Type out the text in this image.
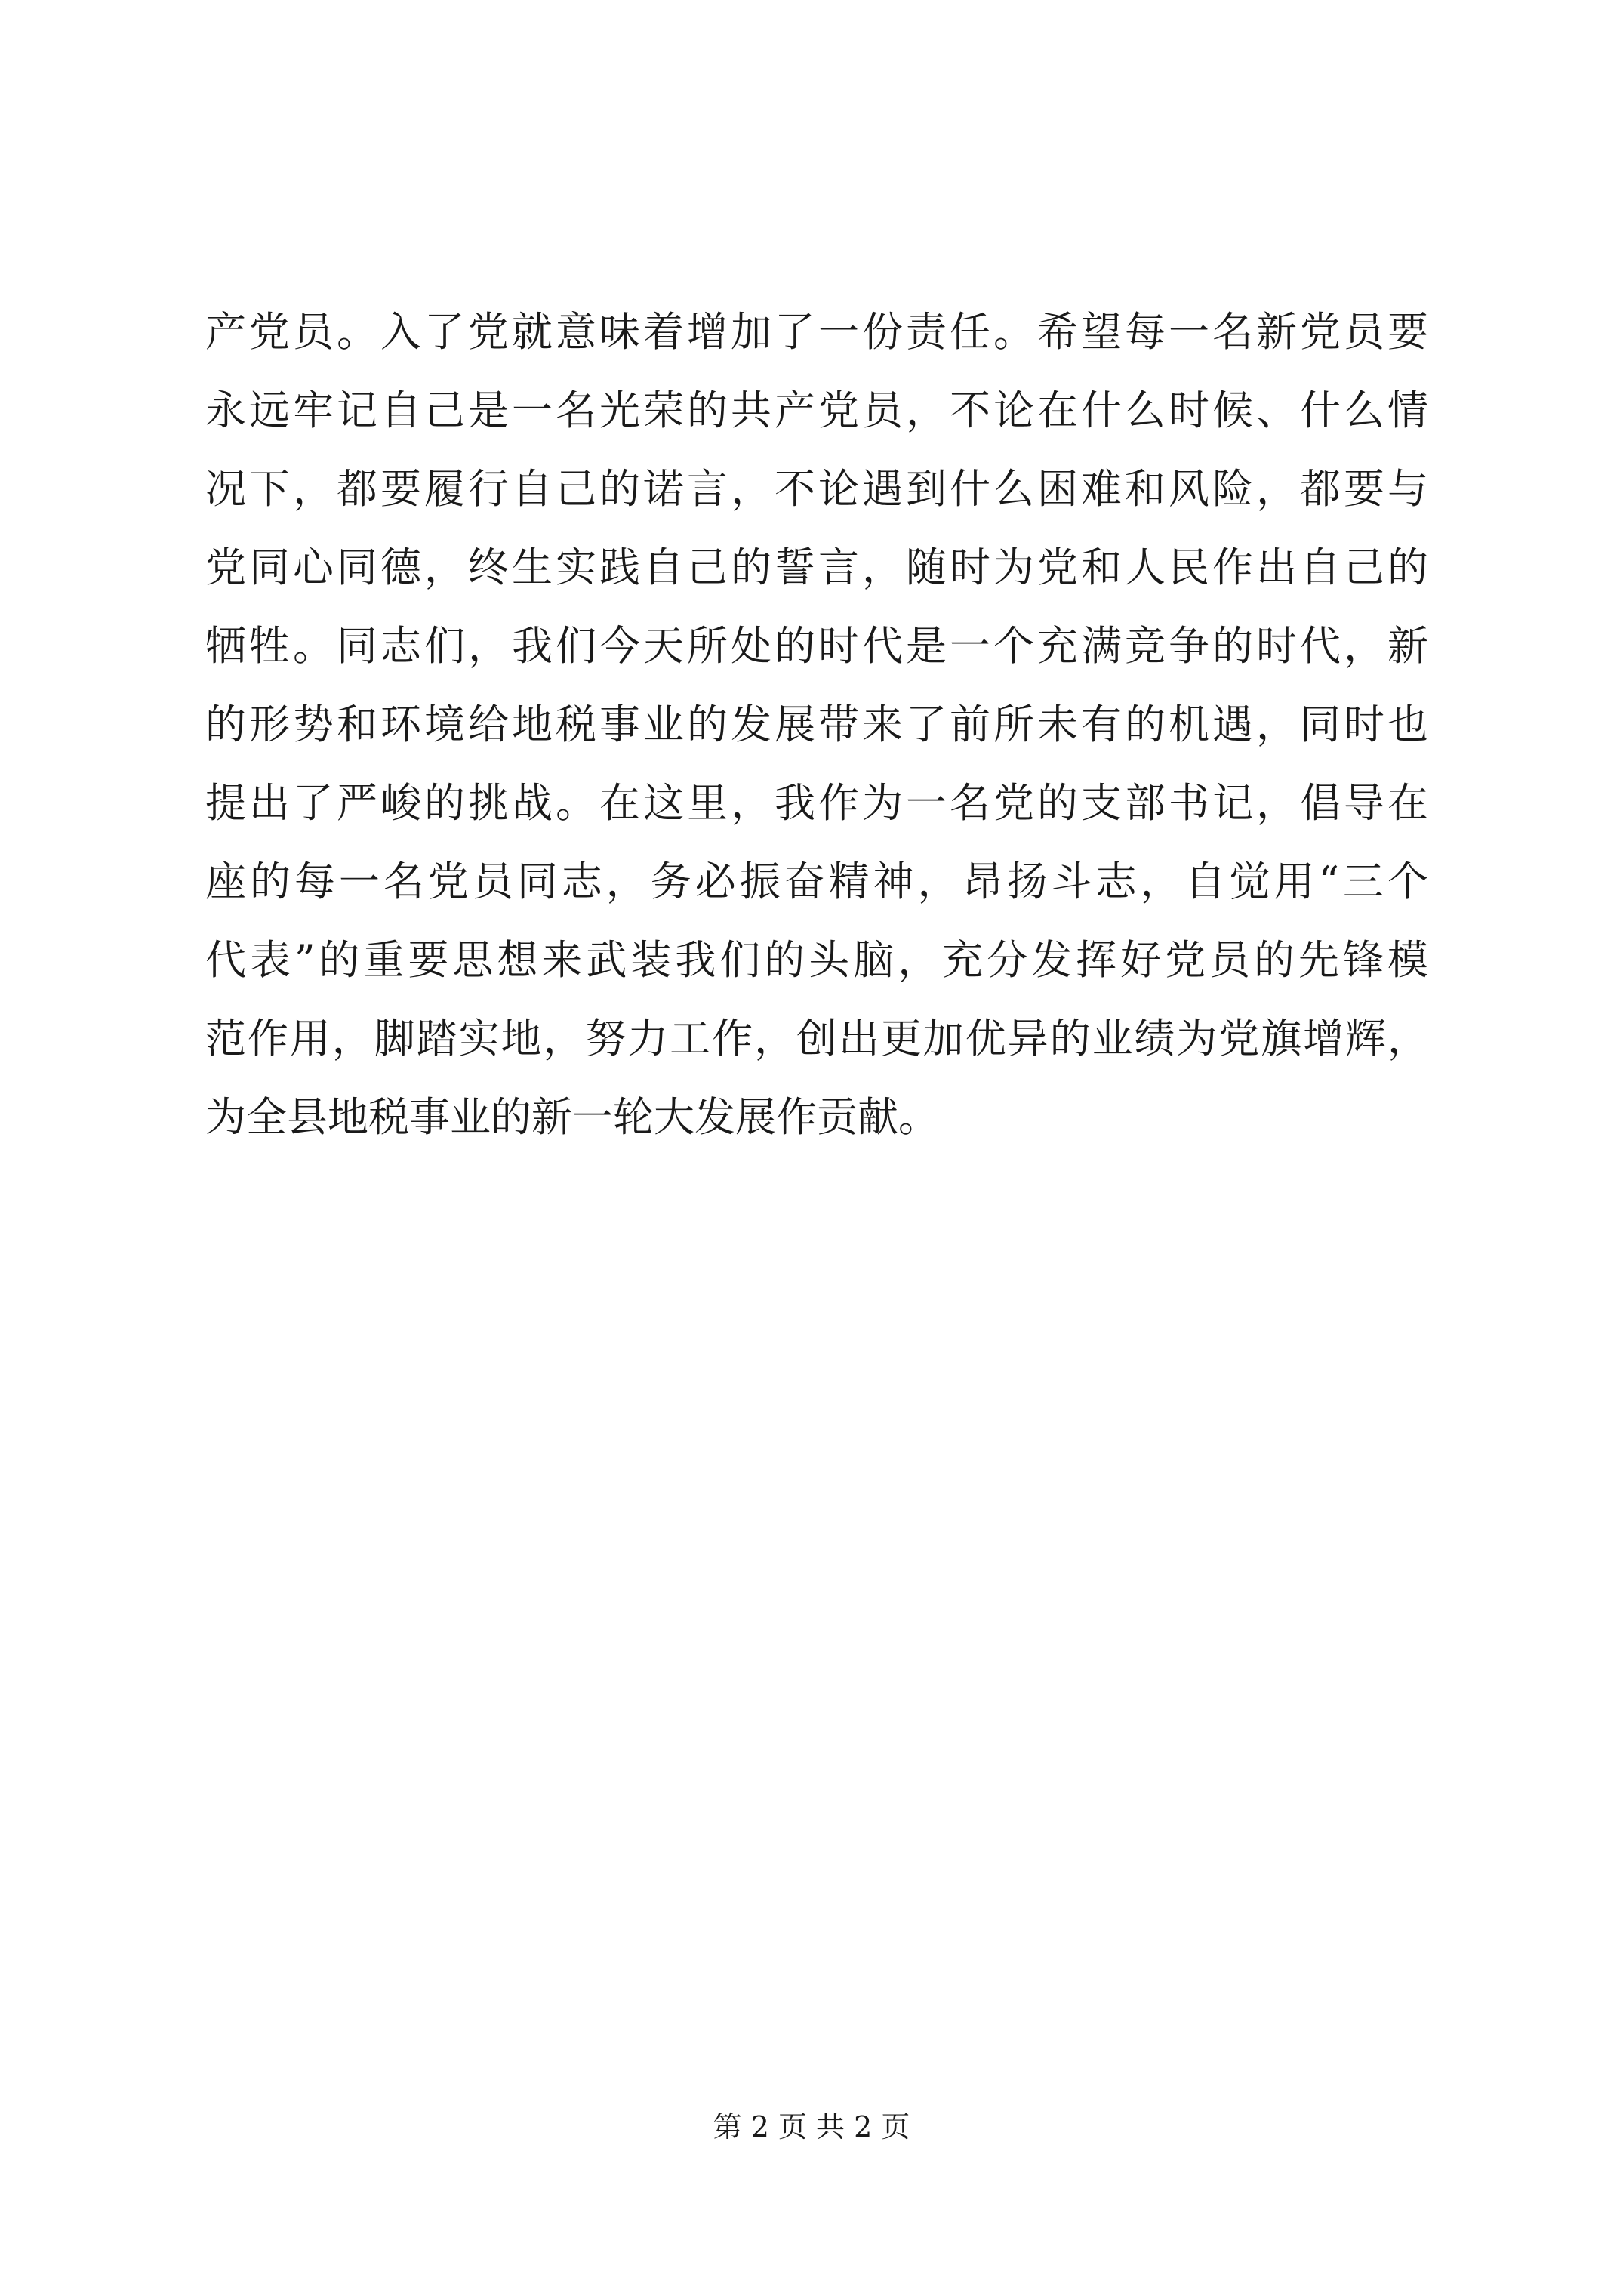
产党员。入了党就意味着增加了一份责任。希望每一名新党员要
永远牢记自己是一名光荣的共产党员，不论在什么时候、什么情
况下，都要履行自己的诺言，不论遇到什么困难和风险，都要与
党同心同德，终生实践自己的誓言，随时为党和人民作出自己的
牺牲。同志们，我们今天所处的时代是一个充满竞争的时代，新
的形势和环境给地税事业的发展带来了前所未有的机遇，同时也
提出了严峻的挑战。在这里，我作为一名党的支部书记，倡导在
座的每一名党员同志，务必振奋精神，昂扬斗志，自觉用“三个
代表”的重要思想来武装我们的头脑，充分发挥好党员的先锋模
范作用，脚踏实地，努力工作，创出更加优异的业绩为党旗增辉，
为全县地税事业的新一轮大发展作贡献。
第 2 页 共 2 页
